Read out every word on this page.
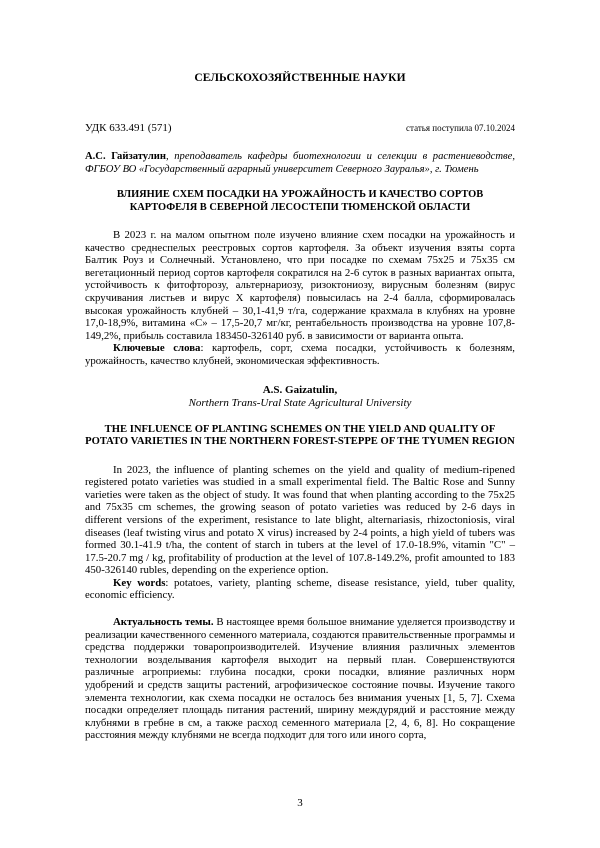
СЕЛЬСКОХОЗЯЙСТВЕННЫЕ НАУКИ

УДК 633.491 (571)	статья поступила 07.10.2024

А.С. Гайзатулин, преподаватель кафедры биотехнологии и селекции в растениеводстве, ФГБОУ ВО «Государственный аграрный университет Северного Зауралья», г. Тюмень

ВЛИЯНИЕ СХЕМ ПОСАДКИ НА УРОЖАЙНОСТЬ И КАЧЕСТВО СОРТОВ КАРТОФЕЛЯ В СЕВЕРНОЙ ЛЕСОСТЕПИ ТЮМЕНСКОЙ ОБЛАСТИ

В 2023 г. на малом опытном поле изучено влияние схем посадки на урожайность и качество среднеспелых реестровых сортов картофеля. За объект изучения взяты сорта Балтик Роуз и Солнечный. Установлено, что при посадке по схемам 75х25 и 75х35 см вегетационный период сортов картофеля сократился на 2-6 суток в разных вариантах опыта, устойчивость к фитофторозу, альтернариозу, ризоктониозу, вирусным болезням (вирус скручивания листьев и вирус Х картофеля) повысилась на 2-4 балла, сформировалась высокая урожайность клубней – 30,1-41,9 т/га, содержание крахмала в клубнях на уровне 17,0-18,9%, витамина «С» – 17,5-20,7 мг/кг, рентабельность производства на уровне 107,8-149,2%, прибыль составила 183450-326140 руб. в зависимости от варианта опыта.

Ключевые слова: картофель, сорт, схема посадки, устойчивость к болезням, урожайность, качество клубней, экономическая эффективность.

A.S. Gaizatulin,
Northern Trans-Ural State Agricultural University

THE INFLUENCE OF PLANTING SCHEMES ON THE YIELD AND QUALITY OF POTATO VARIETIES IN THE NORTHERN FOREST-STEPPE OF THE TYUMEN REGION

In 2023, the influence of planting schemes on the yield and quality of medium-ripened registered potato varieties was studied in a small experimental field. The Baltic Rose and Sunny varieties were taken as the object of study. It was found that when planting according to the 75x25 and 75x35 cm schemes, the growing season of potato varieties was reduced by 2-6 days in different versions of the experiment, resistance to late blight, alternariasis, rhizoctoniosis, viral diseases (leaf twisting virus and potato X virus) increased by 2-4 points, a high yield of tubers was formed 30.1-41.9 t/ha, the content of starch in tubers at the level of 17.0-18.9%, vitamin "C" – 17.5-20.7 mg / kg, profitability of production at the level of 107.8-149.2%, profit amounted to 183 450-326140 rubles, depending on the experience option.

Key words: potatoes, variety, planting scheme, disease resistance, yield, tuber quality, economic efficiency.

Актуальность темы. В настоящее время большое внимание уделяется производству и реализации качественного семенного материала, создаются правительственные программы и средства поддержки товаропроизводителей. Изучение влияния различных элементов технологии возделывания картофеля выходит на первый план. Совершенствуются различные агроприемы: глубина посадки, сроки посадки, влияние различных норм удобрений и средств защиты растений, агрофизическое состояние почвы. Изучение такого элемента технологии, как схема посадки не осталось без внимания ученых [1, 5, 7]. Схема посадки определяет площадь питания растений, ширину междурядий и расстояние между клубнями в гребне в см, а также расход семенного материала [2, 4, 6, 8]. Но сокращение расстояния между клубнями не всегда подходит для того или иного сорта,

3
